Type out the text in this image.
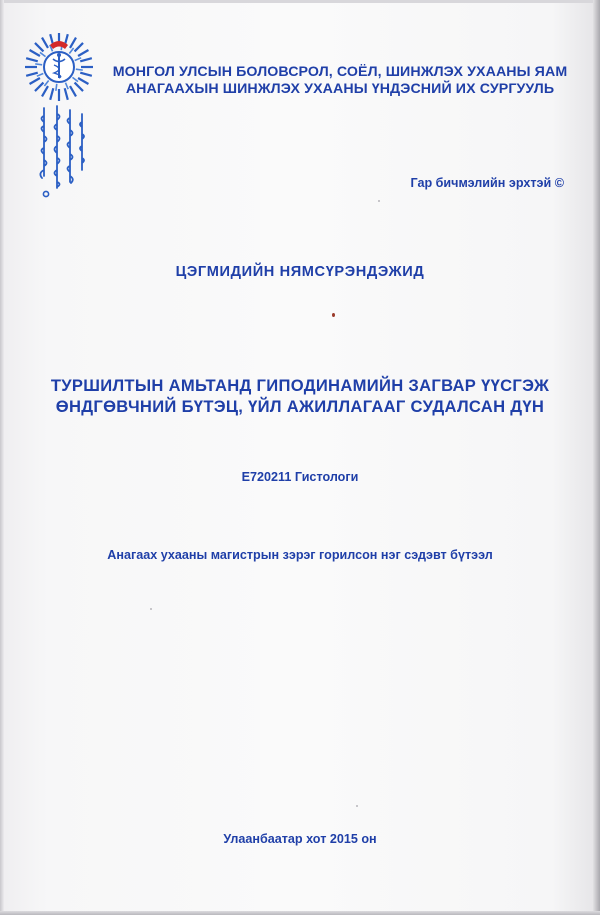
МОНГОЛ УЛСЫН БОЛОВСРОЛ, СОЁЛ, ШИНЖЛЭХ УХААНЫ ЯАМ
АНАГААХЫН ШИНЖЛЭХ УХААНЫ ҮНДЭСНИЙ ИХ СУРГУУЛЬ
Гар бичмэлийн эрхтэй ©
ЦЭГМИДИЙН НЯМСҮРЭНДЭЖИД
ТУРШИЛТЫН АМЬТАНД ГИПОДИНАМИЙН ЗАГВАР ҮҮСГЭЖ
ӨНДГӨВЧНИЙ БҮТЭЦ, ҮЙЛ АЖИЛЛАГААГ СУДАЛСАН ДҮН
E720211 Гистологи
Анагаах ухааны магистрын зэрэг горилсон нэг сэдэвт бүтээл
Улаанбаатар хот 2015 он
